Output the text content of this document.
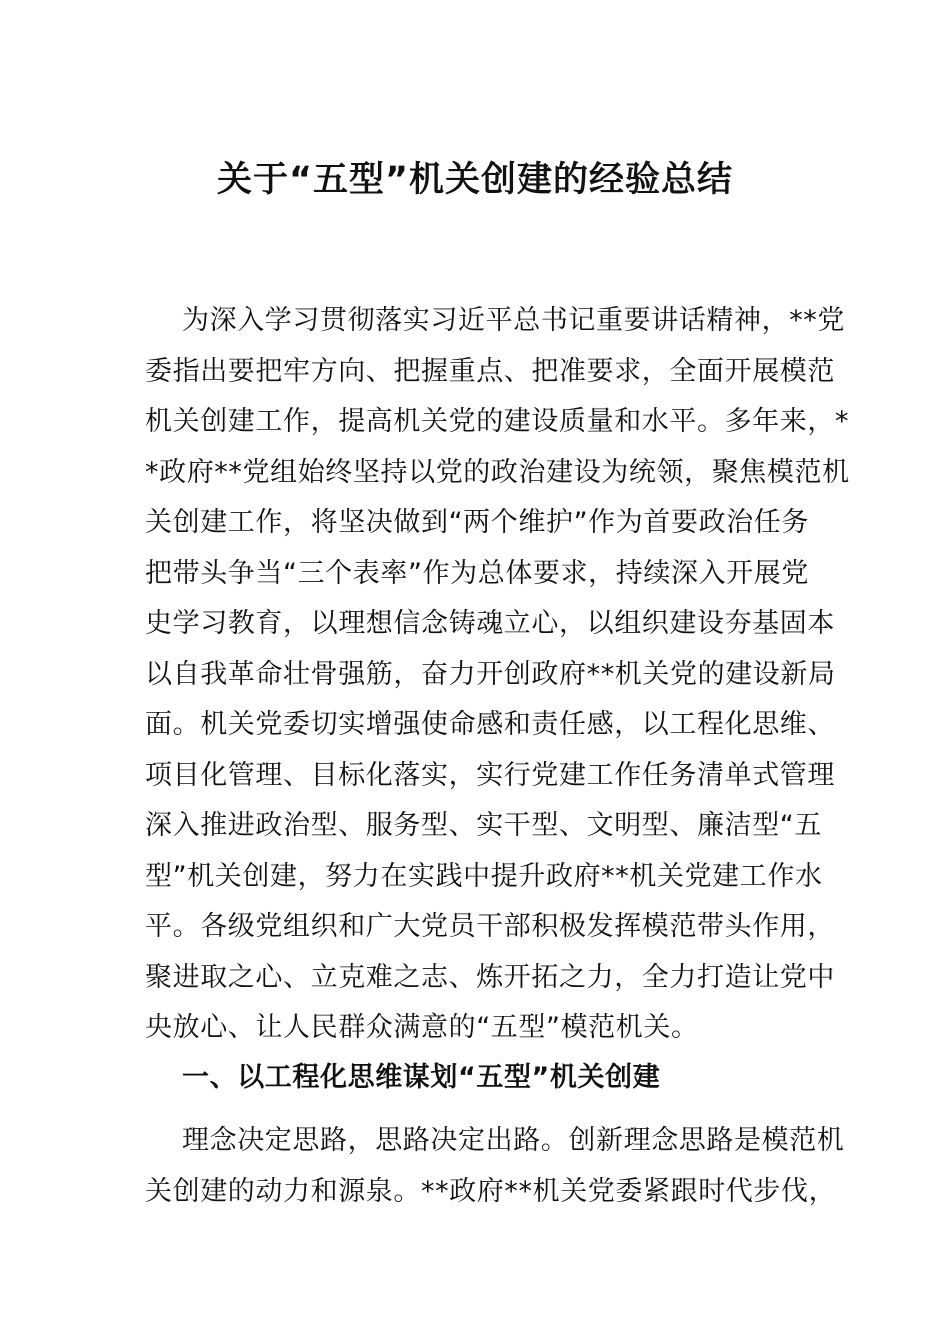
关于“五型”机关创建的经验总结
为深入学习贯彻落实习近平总书记重要讲话精神，**党
委指出要把牢方向、把握重点、把准要求，全面开展模范
机关创建工作，提高机关党的建设质量和水平。多年来，*
*政府**党组始终坚持以党的政治建设为统领，聚焦模范机
关创建工作，将坚决做到“两个维护”作为首要政治任务
把带头争当“三个表率”作为总体要求，持续深入开展党
史学习教育，以理想信念铸魂立心，以组织建设夯基固本
以自我革命壮骨强筋，奋力开创政府**机关党的建设新局
面。机关党委切实增强使命感和责任感，以工程化思维、
项目化管理、目标化落实，实行党建工作任务清单式管理
深入推进政治型、服务型、实干型、文明型、廉洁型“五
型”机关创建，努力在实践中提升政府**机关党建工作水
平。各级党组织和广大党员干部积极发挥模范带头作用，
聚进取之心、立克难之志、炼开拓之力，全力打造让党中
央放心、让人民群众满意的“五型”模范机关。
一、以工程化思维谋划“五型”机关创建
理念决定思路，思路决定出路。创新理念思路是模范机
关创建的动力和源泉。**政府**机关党委紧跟时代步伐，
